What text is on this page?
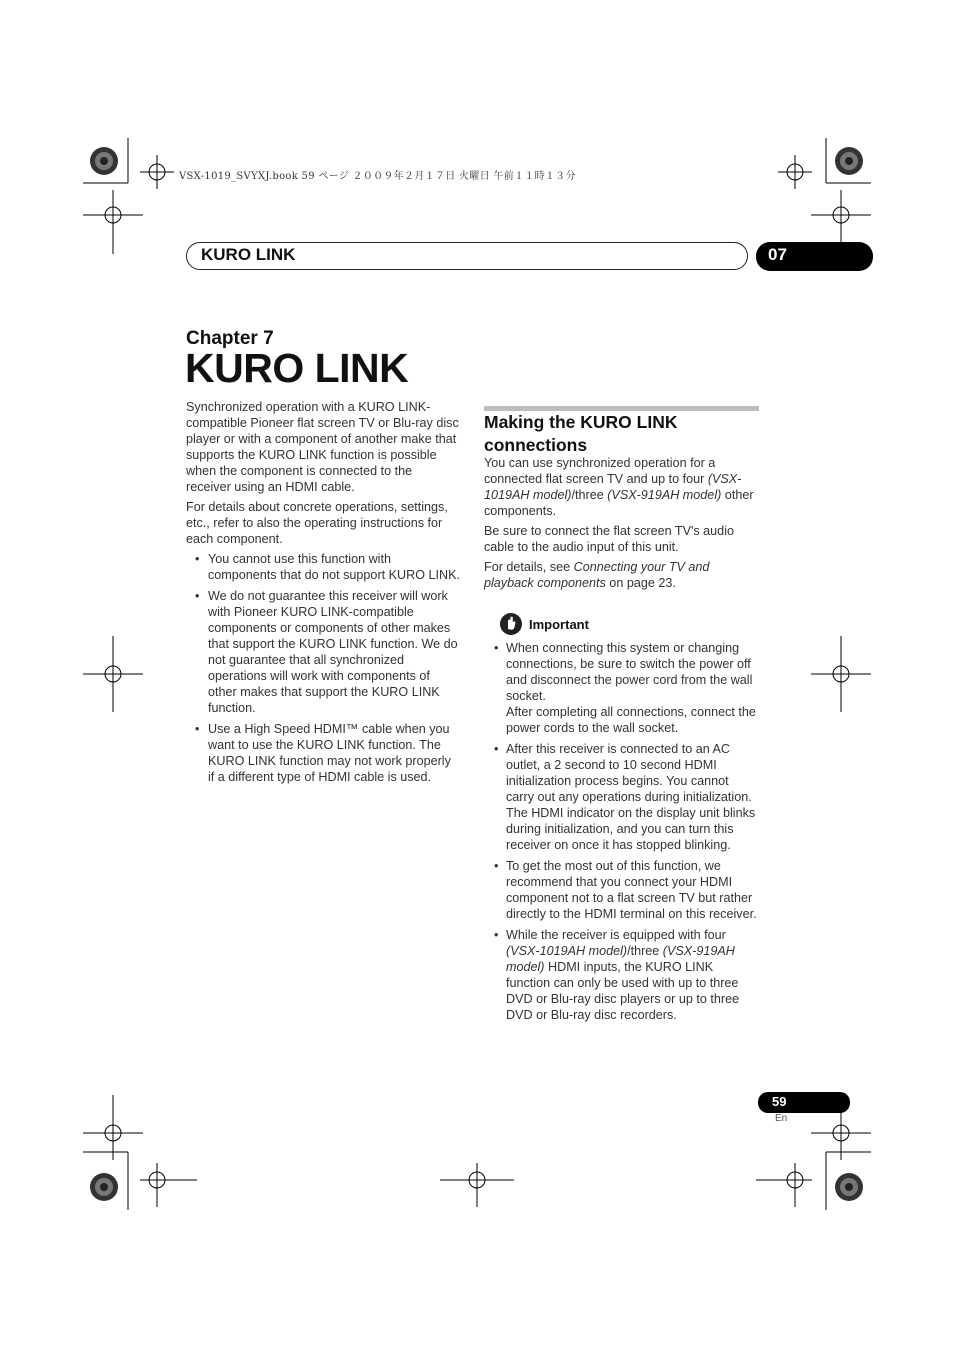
VSX-1019_SVYXJ.book 59 ページ ２００９年２月１７日 火曜日 午前１１時１３分
KURO LINK	07
Chapter 7
KURO LINK

Synchronized operation with a KURO LINK-compatible Pioneer flat screen TV or Blu-ray disc player or with a component of another make that supports the KURO LINK function is possible when the component is connected to the receiver using an HDMI cable.

For details about concrete operations, settings, etc., refer to also the operating instructions for each component.

• You cannot use this function with components that do not support KURO LINK.
• We do not guarantee this receiver will work with Pioneer KURO LINK-compatible components or components of other makes that support the KURO LINK function. We do not guarantee that all synchronized operations will work with components of other makes that support the KURO LINK function.
• Use a High Speed HDMI™ cable when you want to use the KURO LINK function. The KURO LINK function may not work properly if a different type of HDMI cable is used.
Making the KURO LINK connections

You can use synchronized operation for a connected flat screen TV and up to four (VSX-1019AH model)/three (VSX-919AH model) other components.

Be sure to connect the flat screen TV's audio cable to the audio input of this unit.

For details, see Connecting your TV and playback components on page 23.

Important
• When connecting this system or changing connections, be sure to switch the power off and disconnect the power cord from the wall socket.
After completing all connections, connect the power cords to the wall socket.
• After this receiver is connected to an AC outlet, a 2 second to 10 second HDMI initialization process begins. You cannot carry out any operations during initialization. The HDMI indicator on the display unit blinks during initialization, and you can turn this receiver on once it has stopped blinking.
• To get the most out of this function, we recommend that you connect your HDMI component not to a flat screen TV but rather directly to the HDMI terminal on this receiver.
• While the receiver is equipped with four (VSX-1019AH model)/three (VSX-919AH model) HDMI inputs, the KURO LINK function can only be used with up to three DVD or Blu-ray disc players or up to three DVD or Blu-ray disc recorders.
59
En
